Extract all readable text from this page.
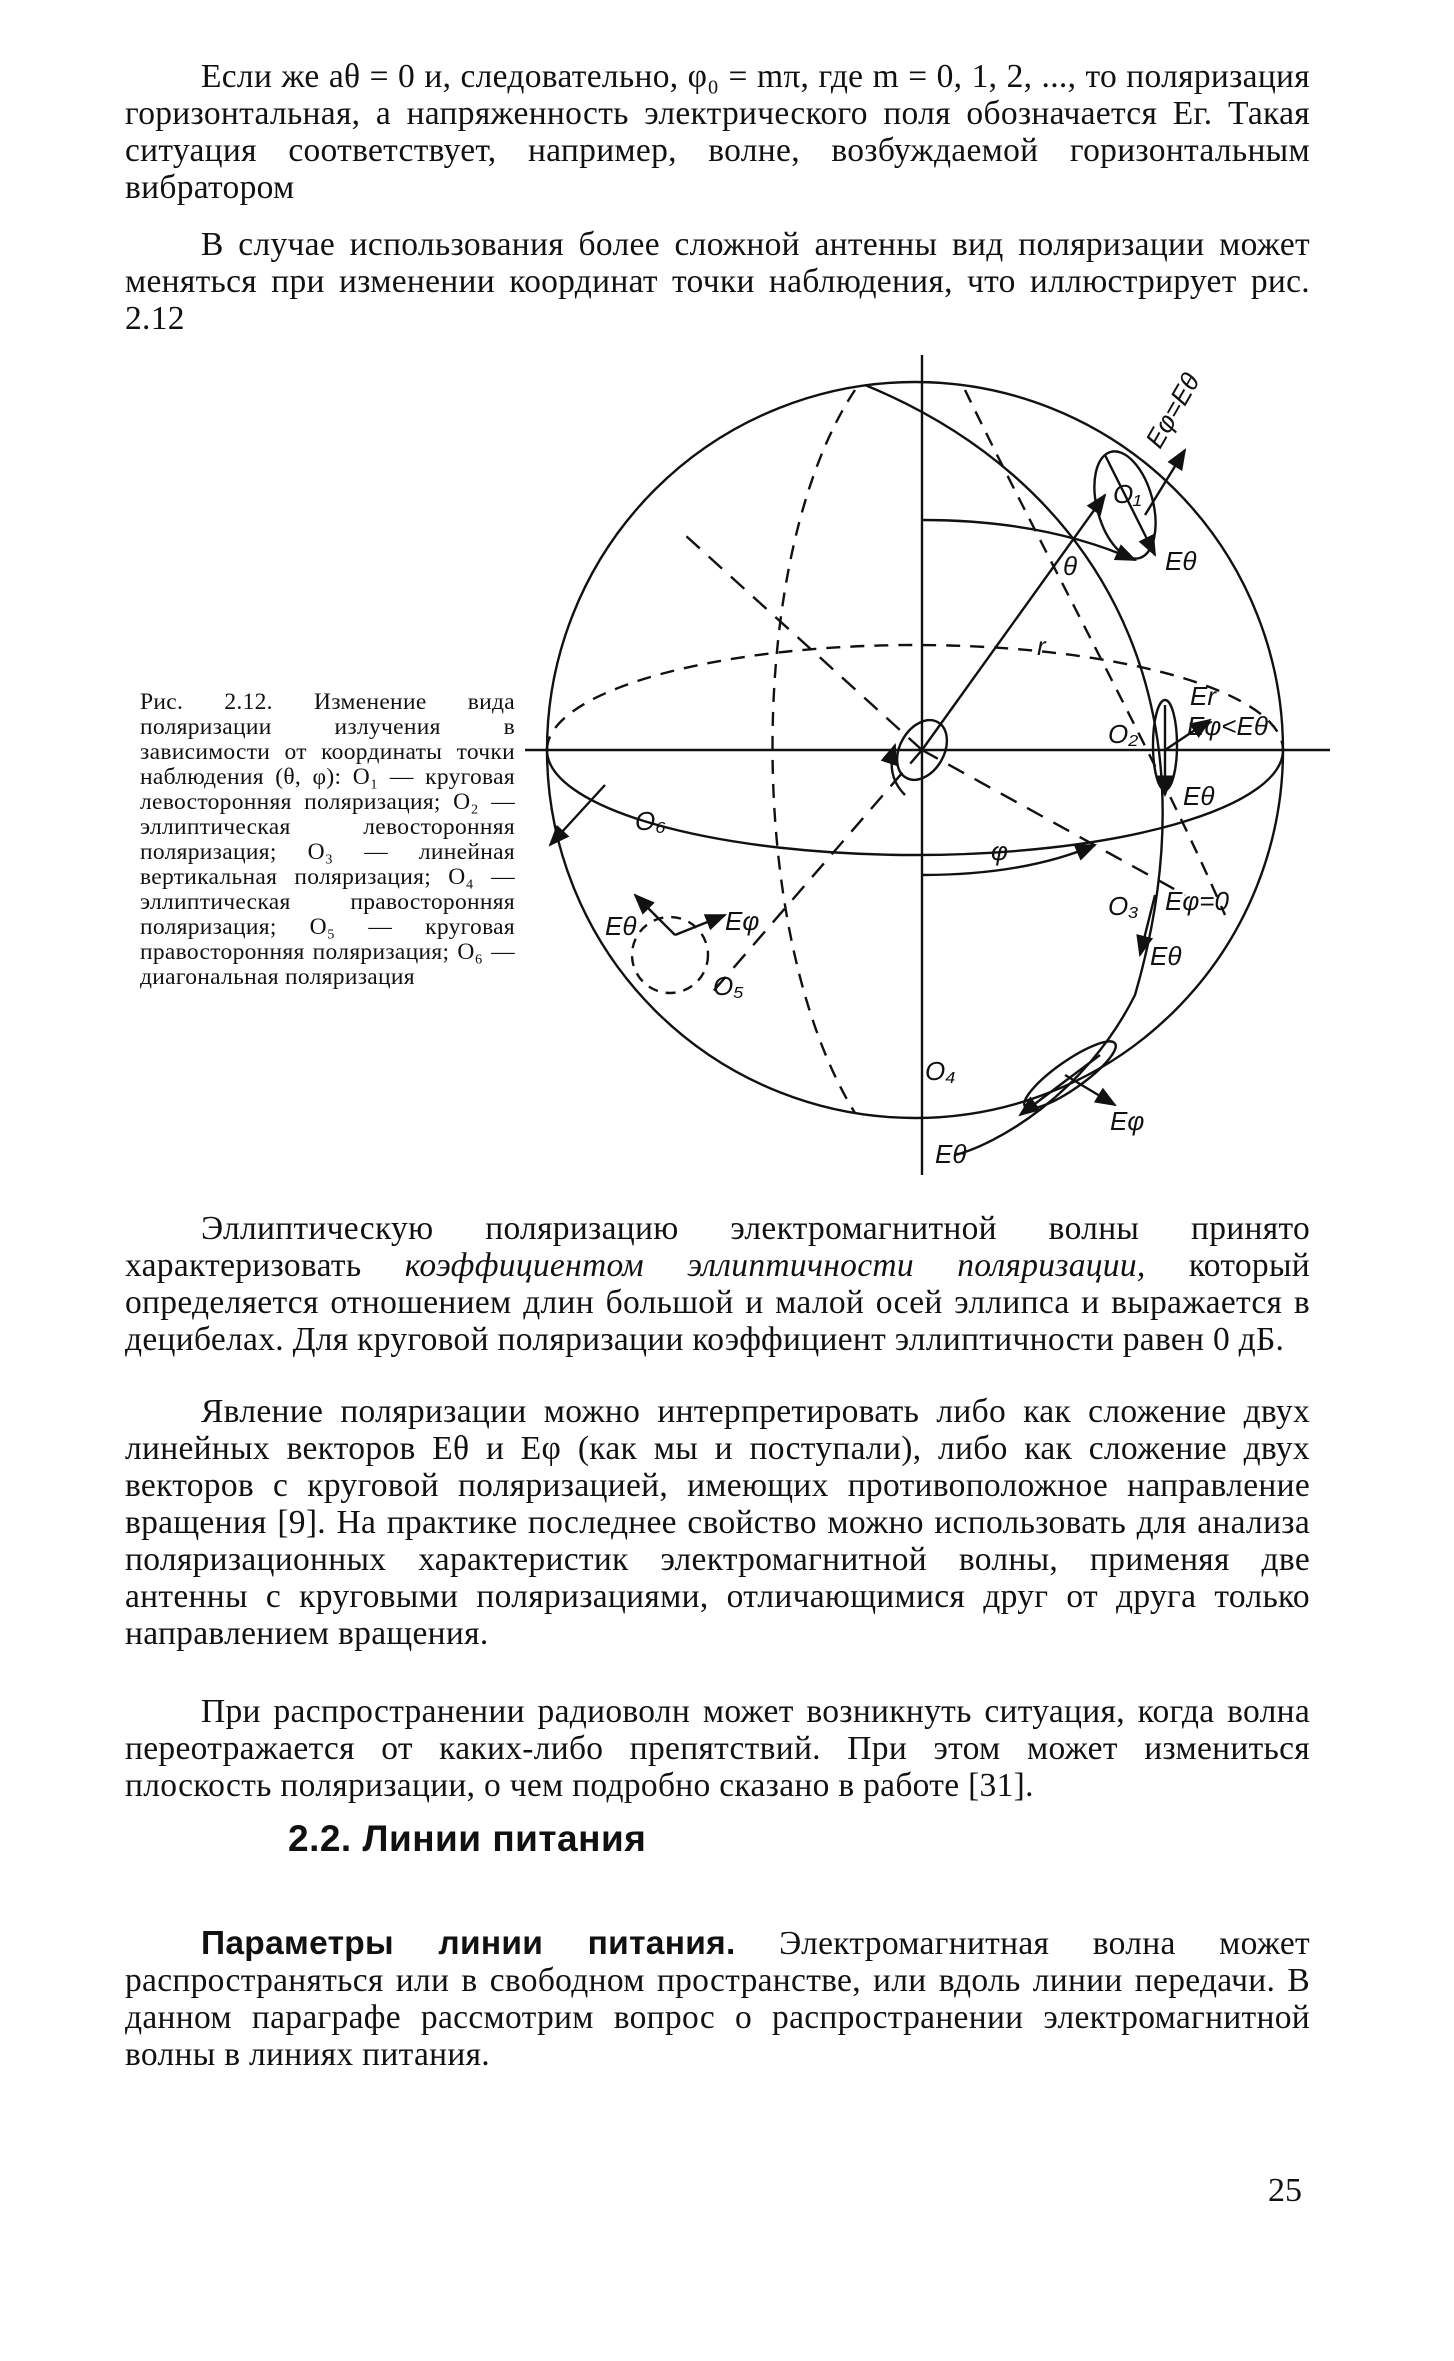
Если же aθ = 0 и, следовательно, φ₀ = mπ, где m = 0, 1, 2, ..., то поляризация горизонтальная, а напряженность электрического поля обозначается Eг. Такая ситуация соответствует, например, волне, возбуждаемой горизонтальным вибратором
В случае использования более сложной антенны вид поляризации может меняться при изменении координат точки наблюдения, что иллюстрирует рис. 2.12
Рис. 2.12. Изменение вида поляризации излучения в зависимости от координаты точки наблюдения (θ, φ): O₁ — круговая левосторонняя поляризация; O₂ — эллиптическая левосторонняя поляризация; O₃ — линейная вертикальная поляризация; O₄ — эллиптическая правосторонняя поляризация; O₅ — круговая правосторонняя поляризация; O₆ — диагональная поляризация
O₁
Eφ=Eθ
Eθ
θ
r
O₂
Er
Eφ<Eθ
Eθ
O₆
φ
O₃ Eφ=0
Eθ
Eθ	Eφ
O₅
O₄
Eφ
Eθ
Эллиптическую поляризацию электромагнитной волны принято характеризовать коэффициентом эллиптичности поляризации, который определяется отношением длин большой и малой осей эллипса и выражается в децибелах. Для круговой поляризации коэффициент эллиптичности равен 0 дБ.
Явление поляризации можно интерпретировать либо как сложение двух линейных векторов Eθ и Eφ (как мы и поступали), либо как сложение двух векторов с круговой поляризацией, имеющих противоположное направление вращения [9]. На практике последнее свойство можно использовать для анализа поляризационных характеристик электромагнитной волны, применяя две антенны с круговыми поляризациями, отличающимися друг от друга только направлением вращения.
При распространении радиоволн может возникнуть ситуация, когда волна переотражается от каких-либо препятствий. При этом может измениться плоскость поляризации, о чем подробно сказано в работе [31].
2.2. Линии питания
Параметры линии питания. Электромагнитная волна может распространяться или в свободном пространстве, или вдоль линии передачи. В данном параграфе рассмотрим вопрос о распространении электромагнитной волны в линиях питания.
25
